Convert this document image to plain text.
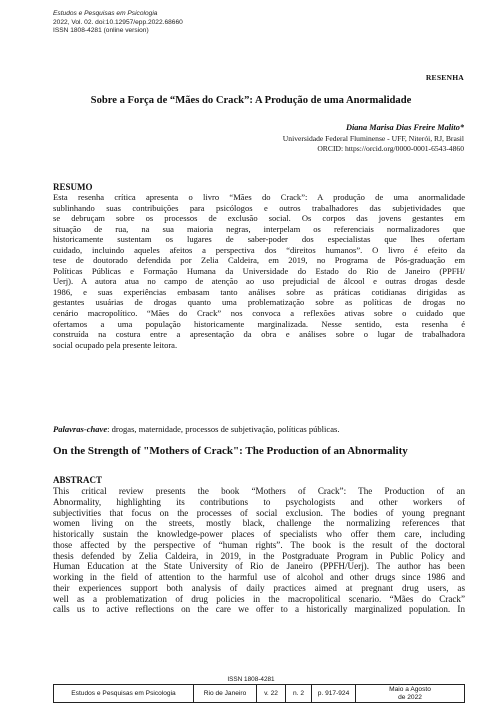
Estudos e Pesquisas em Psicologia
2022, Vol. 02. doi:10.12957/epp.2022.68660
ISSN 1808-4281 (online version)
RESENHA
Sobre a Força de “Mães do Crack”: A Produção de uma Anormalidade
Diana Marisa Dias Freire Malito*
Universidade Federal Fluminense - UFF, Niterói, RJ, Brasil
ORCID: https://orcid.org/0000-0001-6543-4860
RESUMO
Esta resenha crítica apresenta o livro “Mães do Crack”: A produção de uma anormalidade
sublinhando suas contribuições para psicólogos e outros trabalhadores das subjetividades que
se debruçam sobre os processos de exclusão social. Os corpos das jovens gestantes em
situação de rua, na sua maioria negras, interpelam os referenciais normalizadores que
historicamente sustentam os lugares de saber-poder dos especialistas que lhes ofertam
cuidado, incluindo aqueles afeitos a perspectiva dos “direitos humanos”. O livro é efeito da
tese de doutorado defendida por Zelia Caldeira, em 2019, no Programa de Pós-graduação em
Políticas Públicas e Formação Humana da Universidade do Estado do Rio de Janeiro (PPFH/
Uerj). A autora atua no campo de atenção ao uso prejudicial de álcool e outras drogas desde
1986, e suas experiências embasam tanto análises sobre as práticas cotidianas dirigidas as
gestantes usuárias de drogas quanto uma problematização sobre as políticas de drogas no
cenário macropolítico. “Mães do Crack” nos convoca a reflexões ativas sobre o cuidado que
ofertamos a uma população historicamente marginalizada. Nesse sentido, esta resenha é
construída na costura entre a apresentação da obra e análises sobre o lugar de trabalhadora
social ocupado pela presente leitora.
Palavras-chave: drogas, maternidade, processos de subjetivação, políticas públicas.
On the Strength of "Mothers of Crack": The Production of an Abnormality
ABSTRACT
This critical review presents the book “Mothers of Crack”: The Production of an
Abnormality, highlighting its contributions to psychologists and other workers of
subjectivities that focus on the processes of social exclusion. The bodies of young pregnant
women living on the streets, mostly black, challenge the normalizing references that
historically sustain the knowledge-power places of specialists who offer them care, including
those affected by the perspective of “human rights”. The book is the result of the doctoral
thesis defended by Zelia Caldeira, in 2019, in the Postgraduate Program in Public Policy and
Human Education at the State University of Rio de Janeiro (PPFH/Uerj). The author has been
working in the field of attention to the harmful use of alcohol and other drugs since 1986 and
their experiences support both analysis of daily practices aimed at pregnant drug users, as
well as a problematization of drug policies in the macropolitical scenario. “Mães do Crack”
calls us to active reflections on the care we offer to a historically marginalized population. In
ISSN 1808-4281
Estudos e Pesquisas em Psicologia	Rio de Janeiro	v. 22	n. 2	p. 917-924
Maio a Agosto
de 2022
